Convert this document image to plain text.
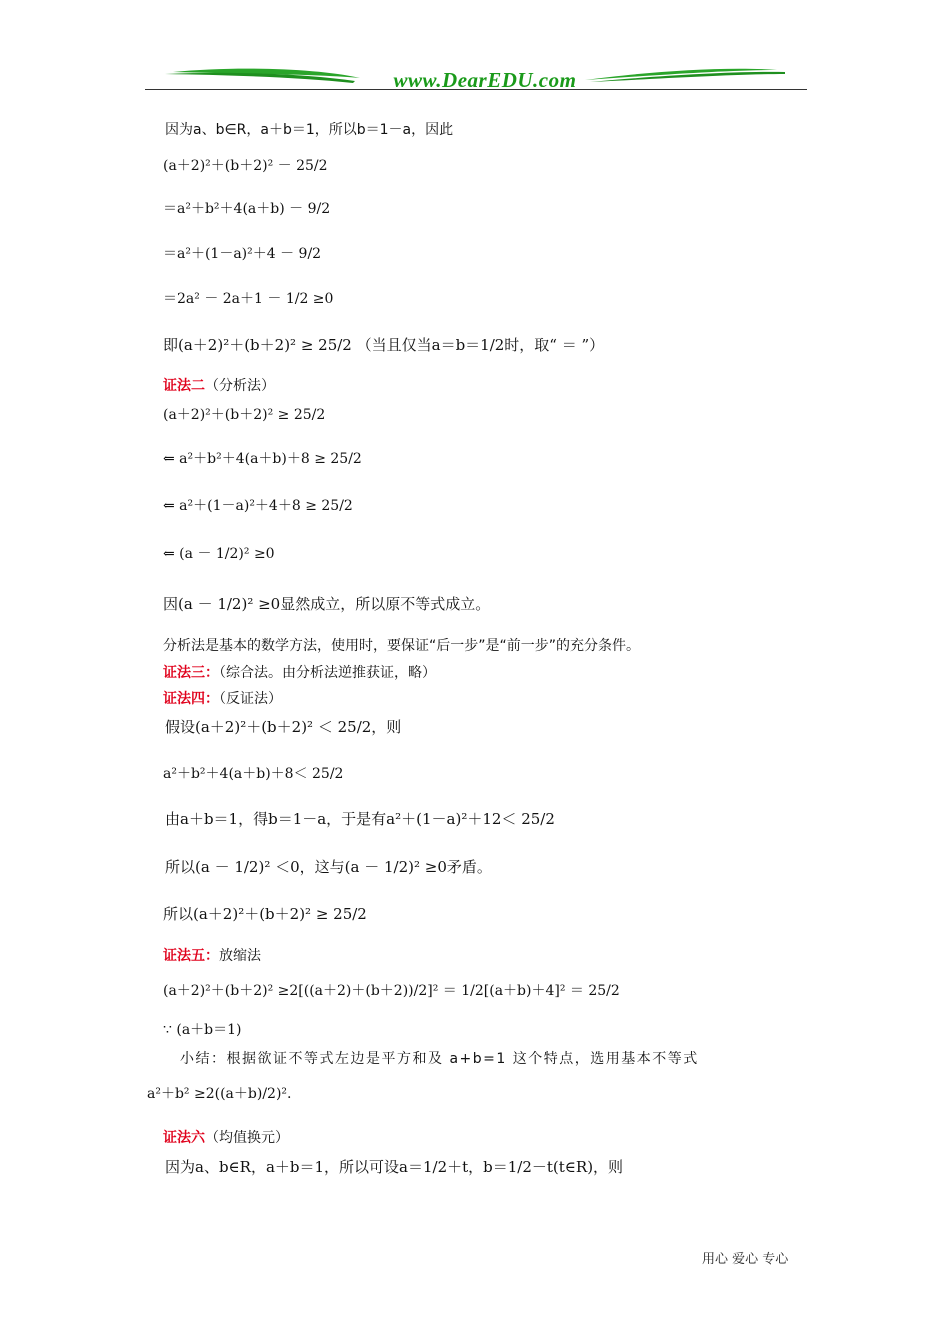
www.DearEDU.com
因为a、b∈R，a＋b＝1，所以b＝1－a，因此
(a＋2)²＋(b＋2)² － 25/2
＝a²＋b²＋4(a＋b) － 9/2
＝a²＋(1－a)²＋4 － 9/2
＝2a² － 2a＋1 － 1/2 ≥0
即(a＋2)²＋(b＋2)² ≥ 25/2 （当且仅当a＝b＝1/2时，取“ ＝ ”）
证法二（分析法）
(a＋2)²＋(b＋2)² ≥ 25/2
⇐ a²＋b²＋4(a＋b)＋8 ≥ 25/2
⇐ a²＋(1－a)²＋4＋8 ≥ 25/2
⇐ (a － 1/2)² ≥0
因(a － 1/2)² ≥0显然成立，所以原不等式成立。
分析法是基本的数学方法，使用时，要保证“后一步”是“前一步”的充分条件。
证法三：（综合法。由分析法逆推获证，略）
证法四：（反证法）
假设(a＋2)²＋(b＋2)² ＜ 25/2，则
a²＋b²＋4(a＋b)＋8＜ 25/2
由a＋b＝1，得b＝1－a，于是有a²＋(1－a)²＋12＜ 25/2
所以(a － 1/2)² ＜0，这与(a － 1/2)² ≥0矛盾。
所以(a＋2)²＋(b＋2)² ≥ 25/2
证法五：放缩法
(a＋2)²＋(b＋2)² ≥2[((a＋2)＋(b＋2))/2]² ＝ 1/2[(a＋b)＋4]² ＝ 25/2
∵ (a＋b＝1)
小结：根据欲证不等式左边是平方和及 a+b=1 这个特点，选用基本不等式
a²＋b² ≥2((a＋b)/2)².
证法六（均值换元）
因为a、b∈R，a＋b＝1，所以可设a＝1/2＋t，b＝1/2－t(t∈R)，则
用心 爱心 专心
